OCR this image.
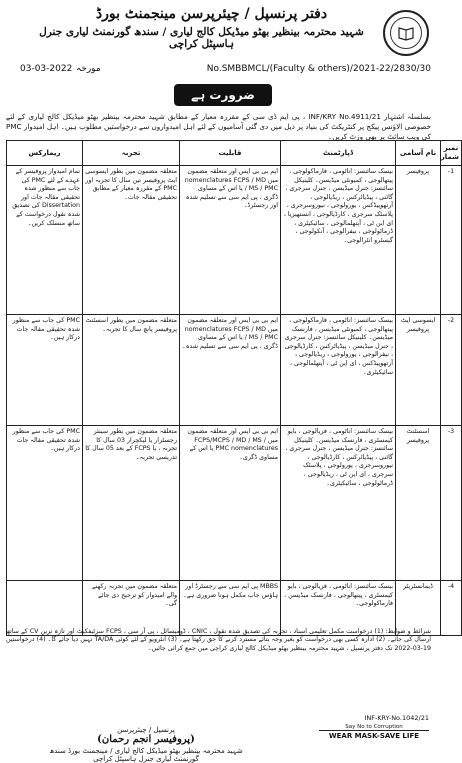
دفتر پرنسپل / چیئرپرسن مینجمنٹ بورڈ
شہید محترمہ بینظیر بھٹو میڈیکل کالج لیاری / سندھ گورنمنٹ لیاری جنرل ہاسپٹل کراچی
03-03-2022 مورخہ	No.SMBBMCL/(Faculty & others)/2021-22/2830/30
ضرورت ہے
بسلسلہ اشتہار INF/KRY No.4911/21 ، پی ایم ڈی سی کے مقررہ معیار کے مطابق شہید محترمہ بینظیر بھٹو میڈیکل کالج لیاری کے لئے خصوصی الاؤنس پیکج پر کنٹریکٹ کی بنیاد پر ذیل میں دی گئی آسامیوں کے لئے اہل امیدواروں سے درخواستیں مطلوب ہیں۔ اہل امیدوار PMC کی ویب سائٹ پر بھی وزٹ کریں۔
نمبر شمار	نام آسامی	ڈپارٹمنٹ	قابلیت	تجربہ	ریمارکس
1-	پروفیسر	بیسک سائنسز: اناٹومی ، فارماکولوجی ، پیتھالوجی ، کمیونٹی میڈیسن۔ کلینیکل سائنسز: جنرل میڈیسن ، جنرل سرجری ، گائنی ، پیڈیاٹرکس ، ریڈیالوجی ، آرتھوپیڈکس ، یورولوجی ، نیوروسرجری ، پلاسٹک سرجری ، کارڈیالوجی ، انستھیزیا ، ای این ٹی ، آپتھلمالوجی ، سائیکیٹری ، ڈرماٹولوجی ، نیفرالوجی ، آنکولوجی ، گیسٹرو انٹرالوجی۔	ایم بی بی ایس اور متعلقہ مضمون میں nomenclatures FCPS / MD / MS / PMC یا اس کے مساوی ڈگری ، پی ایم سی سے تسلیم شدہ اور رجسٹرڈ۔	متعلقہ مضمون میں بطور ایسوسی ایٹ پروفیسر تین سال کا تجربہ اور PMC کے مقررہ معیار کے مطابق تحقیقی مقالہ جات۔	تمام امیدوار پروفیسر کے عہدے کے لئے PMC کی جاب سے منظور شدہ تحقیقی مقالہ جات اور Dissertation کی تصدیق شدہ نقول درخواست کے ساتھ منسلک کریں۔
2-	ایسوسی ایٹ پروفیسر	بیسک سائنسز: اناٹومی ، فارماکولوجی ، پیتھالوجی ، کمیونٹی میڈیسن ، فارنسک میڈیسن۔ کلینیکل سائنسز: جنرل سرجری ، جنرل میڈیسن ، پیڈیاٹرکس ، کارڈیالوجی ، نیفرالوجی ، یورولوجی ، ریڈیالوجی ، آرتھوپیڈکس ، ای این ٹی ، آپتھلمالوجی ، سائیکیٹری۔	ایم بی بی ایس اور متعلقہ مضمون میں nomenclatures FCPS / MD / MS / PMC یا اس کے مساوی ڈگری ، پی ایم سی سے تسلیم شدہ۔	متعلقہ مضمون میں بطور اسسٹنٹ پروفیسر پانچ سال کا تجربہ۔	PMC کی جاب سے منظور شدہ تحقیقی مقالہ جات درکار ہیں۔
3-	اسسٹنٹ پروفیسر	بیسک سائنسز: اناٹومی ، فزیالوجی ، بایو کیمسٹری ، فارنسک میڈیسن۔ کلینیکل سائنسز: جنرل میڈیسن ، جنرل سرجری ، گائنی ، پیڈیاٹرکس ، کارڈیالوجی ، نیوروسرجری ، یورولوجی ، پلاسٹک سرجری ، ای این ٹی ، ریڈیالوجی ، ڈرماٹولوجی ، سائیکیٹری۔	ایم بی بی ایس اور متعلقہ مضمون میں FCPS/MCPS / MD / MS / PMC nomenclatures یا اس کے مساوی ڈگری۔	متعلقہ مضمون میں بطور سینئر رجسٹرار یا لیکچرار 03 سال کا تجربہ ، یا FCPS کے بعد 05 سال کا تدریسی تجربہ۔	PMC کی جاب سے منظور شدہ تحقیقی مقالہ جات درکار ہیں۔
4-	ڈیمانسٹریٹر	بیسک سائنسز: اناٹومی ، فزیالوجی ، بایو کیمسٹری ، پیتھالوجی ، فارنسک میڈیسن ، فارماکولوجی۔	MBBS پی ایم سی سے رجسٹرڈ اور ہاؤس جاب مکمل ہونا ضروری ہے۔	متعلقہ مضمون میں تجربہ رکھنے والے امیدوار کو ترجیح دی جائے گی۔	
شرائط و ضوابط: (1) درخواست مکمل تعلیمی اسناد ، تجربہ کی تصدیق شدہ نقول ، CNIC ، ڈومیسائل ، پی آر سی ، FCPS سرٹیفکیٹ اور تازہ ترین CV کے ساتھ ارسال کی جائے۔ (2) ادارہ کسی بھی درخواست کو بغیر وجہ بتائے مسترد کرنے کا حق رکھتا ہے۔ (3) انٹرویو کے لئے کوئی TA/DA نہیں دیا جائے گا۔ (4) درخواستیں 19-03-2022 تک دفتر پرنسپل ، شہید محترمہ بینظیر بھٹو میڈیکل کالج لیاری کراچی میں جمع کرائی جائیں۔
پرنسپل / چیئرپرسن
(پروفیسر انجم رحمان)
شہید محترمہ بینظیر بھٹو میڈیکل کالج لیاری / مینجمنٹ بورڈ سندھ گورنمنٹ لیاری جنرل ہاسپٹل کراچی
INF-KRY-No.1042/21
Say No to Corruption
WEAR MASK-SAVE LIFE
